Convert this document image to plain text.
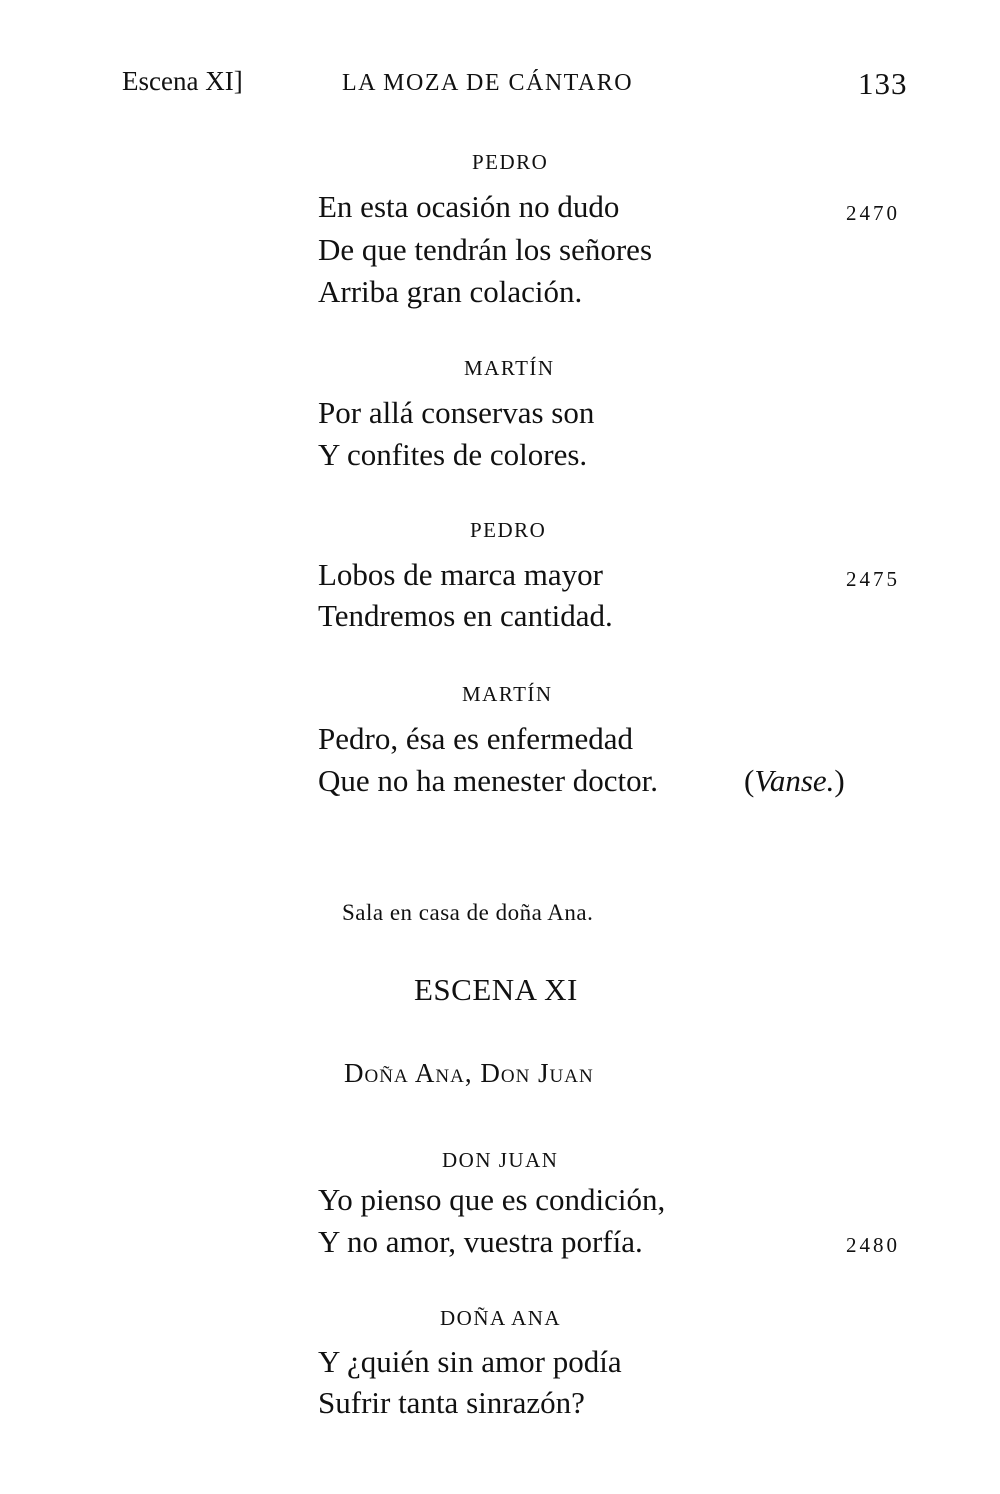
Escena XI]	LA MOZA DE CÁNTARO	133
PEDRO
En esta ocasión no dudo
De que tendrán los señores
Arriba gran colación.
2470
MARTÍN
Por allá conservas son
Y confites de colores.
PEDRO
Lobos de marca mayor
Tendremos en cantidad.
2475
MARTÍN
Pedro, ésa es enfermedad
Que no ha menester doctor.	(Vanse.)
Sala en casa de doña Ana.
ESCENA XI
Doña Ana, Don Juan
DON JUAN
Yo pienso que es condición,
Y no amor, vuestra porfía.	2480
DOÑA ANA
Y ¿quién sin amor podía
Sufrir tanta sinrazón?
